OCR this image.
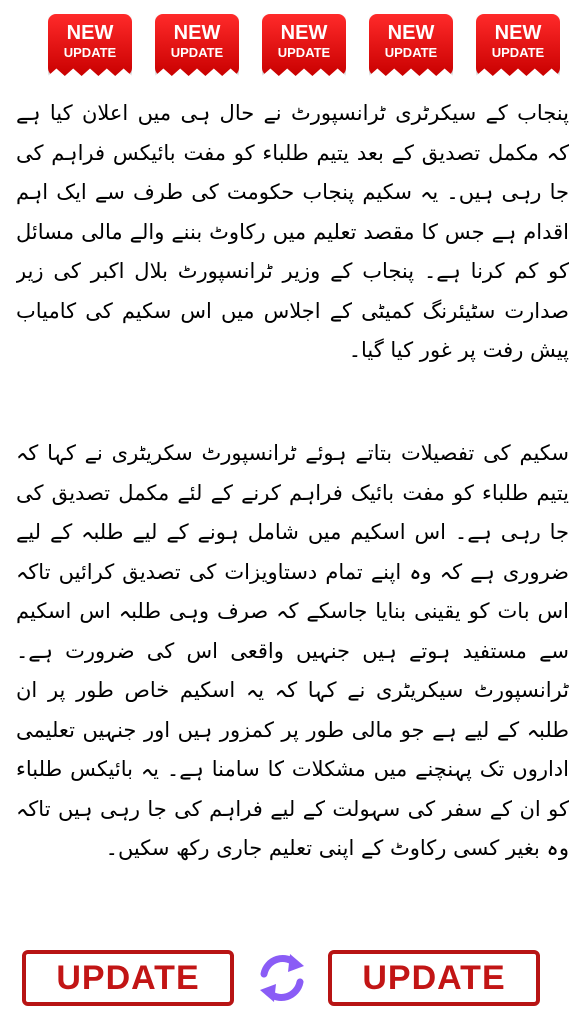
NEW
UPDATE
NEW
UPDATE
NEW
UPDATE
NEW
UPDATE
NEW
UPDATE

پنجاب کے سیکرٹری ٹرانسپورٹ نے حال ہی میں اعلان کیا ہے کہ مکمل تصدیق کے بعد یتیم طلباء کو مفت بائیکس فراہم کی جا رہی ہیں۔ یہ سکیم پنجاب حکومت کی طرف سے ایک اہم اقدام ہے جس کا مقصد تعلیم میں رکاوٹ بننے والے مالی مسائل کو کم کرنا ہے۔ پنجاب کے وزیر ٹرانسپورٹ بلال اکبر کی زیر صدارت سٹیئرنگ کمیٹی کے اجلاس میں اس سکیم کی کامیاب پیش رفت پر غور کیا گیا۔

سکیم کی تفصیلات بتاتے ہوئے ٹرانسپورٹ سکریٹری نے کہا کہ یتیم طلباء کو مفت بائیک فراہم کرنے کے لئے مکمل تصدیق کی جا رہی ہے۔ اس اسکیم میں شامل ہونے کے لیے طلبہ کے لیے ضروری ہے کہ وہ اپنے تمام دستاویزات کی تصدیق کرائیں تاکہ اس بات کو یقینی بنایا جاسکے کہ صرف وہی طلبہ اس اسکیم سے مستفید ہوتے ہیں جنہیں واقعی اس کی ضرورت ہے۔ ٹرانسپورٹ سیکریٹری نے کہا کہ یہ اسکیم خاص طور پر ان طلبہ کے لیے ہے جو مالی طور پر کمزور ہیں اور جنہیں تعلیمی اداروں تک پہنچنے میں مشکلات کا سامنا ہے۔ یہ بائیکس طلباء کو ان کے سفر کی سہولت کے لیے فراہم کی جا رہی ہیں تاکہ وہ بغیر کسی رکاوٹ کے اپنی تعلیم جاری رکھ سکیں۔

UPDATE	UPDATE
